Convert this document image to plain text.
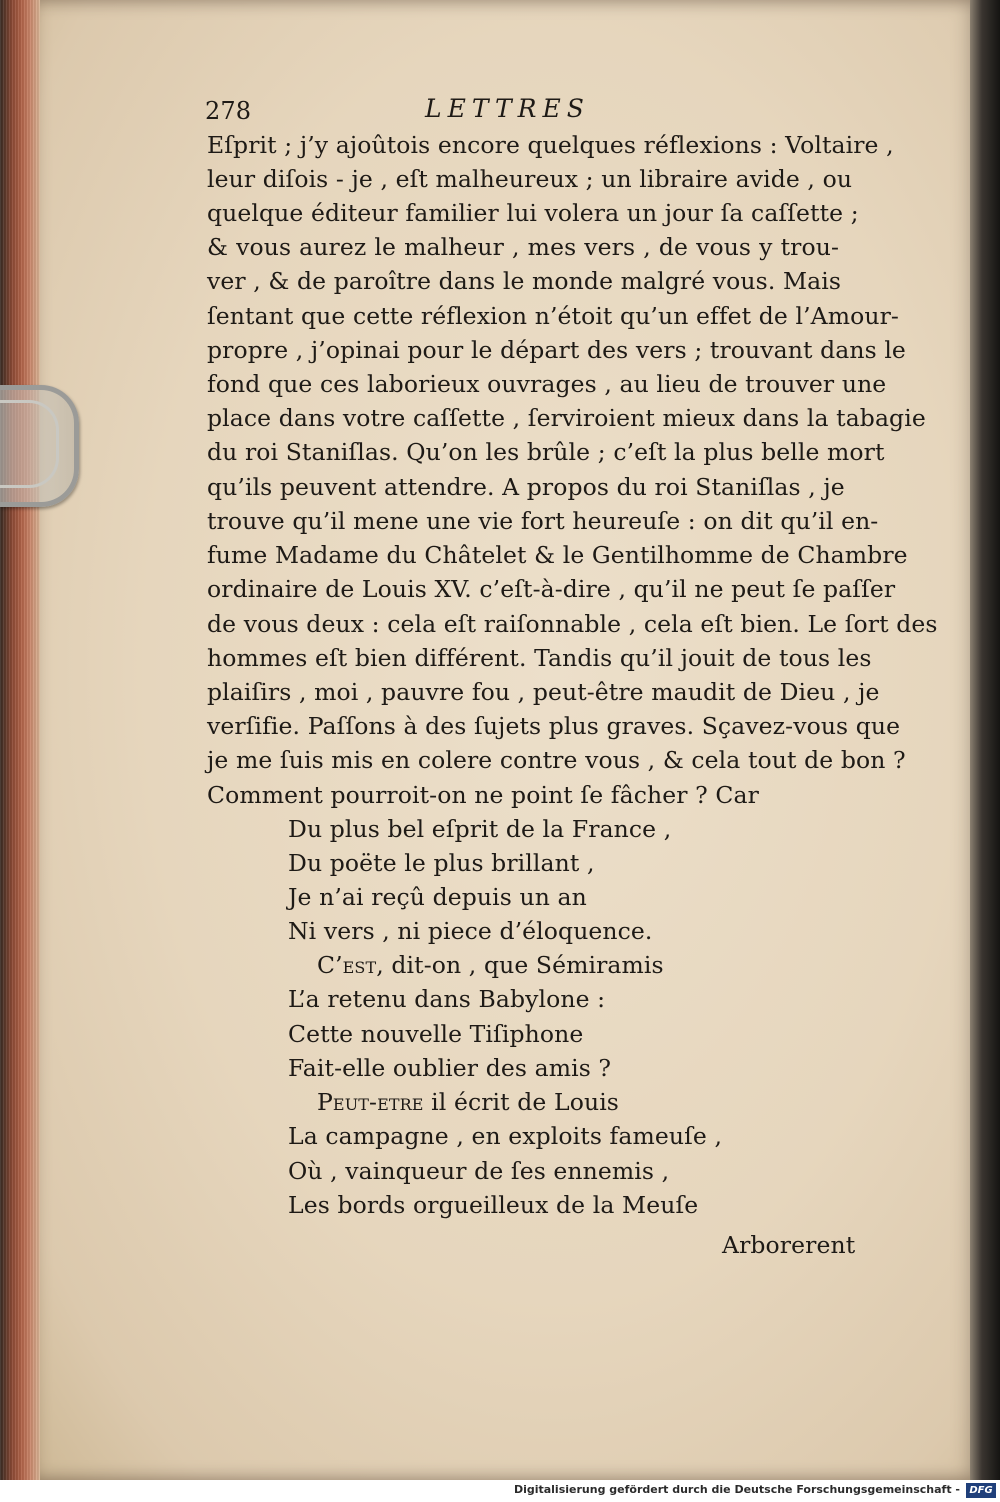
278	LETTRES
Eſprit ; j’y ajoûtois encore quelques réflexions : Voltaire ,
leur diſois - je , eſt malheureux ; un libraire avide , ou
quelque éditeur familier lui volera un jour ſa caſſette ;
& vous aurez le malheur , mes vers , de vous y trou-
ver , & de paroître dans le monde malgré vous. Mais
ſentant que cette réflexion n’étoit qu’un effet de l’Amour-
propre , j’opinai pour le départ des vers ; trouvant dans le
fond que ces laborieux ouvrages , au lieu de trouver une
place dans votre caſſette , ſerviroient mieux dans la tabagie
du roi Staniſlas. Qu’on les brûle ; c’eſt la plus belle mort
qu’ils peuvent attendre. A propos du roi Staniſlas , je
trouve qu’il mene une vie fort heureuſe : on dit qu’il en-
fume Madame du Châtelet & le Gentilhomme de Chambre
ordinaire de Louis XV. c’eſt-à-dire , qu’il ne peut ſe paſſer
de vous deux : cela eſt raiſonnable , cela eſt bien. Le ſort des
hommes eſt bien différent. Tandis qu’il jouit de tous les
plaiſirs , moi , pauvre fou , peut-être maudit de Dieu , je
verſifie. Paſſons à des ſujets plus graves. Sçavez-vous que
je me ſuis mis en colere contre vous , & cela tout de bon ?
Comment pourroit-on ne point ſe fâcher ? Car
Du plus bel eſprit de la France ,
Du poëte le plus brillant ,
Je n’ai reçû depuis un an
Ni vers , ni piece d’éloquence.
C’est, dit-on , que Sémiramis
L’a retenu dans Babylone :
Cette nouvelle Tiſiphone
Fait-elle oublier des amis ?
Peut-etre il écrit de Louis
La campagne , en exploits fameuſe ,
Où , vainqueur de ſes ennemis ,
Les bords orgueilleux de la Meuſe
Arborerent
Digitalisierung gefördert durch die Deutsche Forschungsgemeinschaft - DFG
